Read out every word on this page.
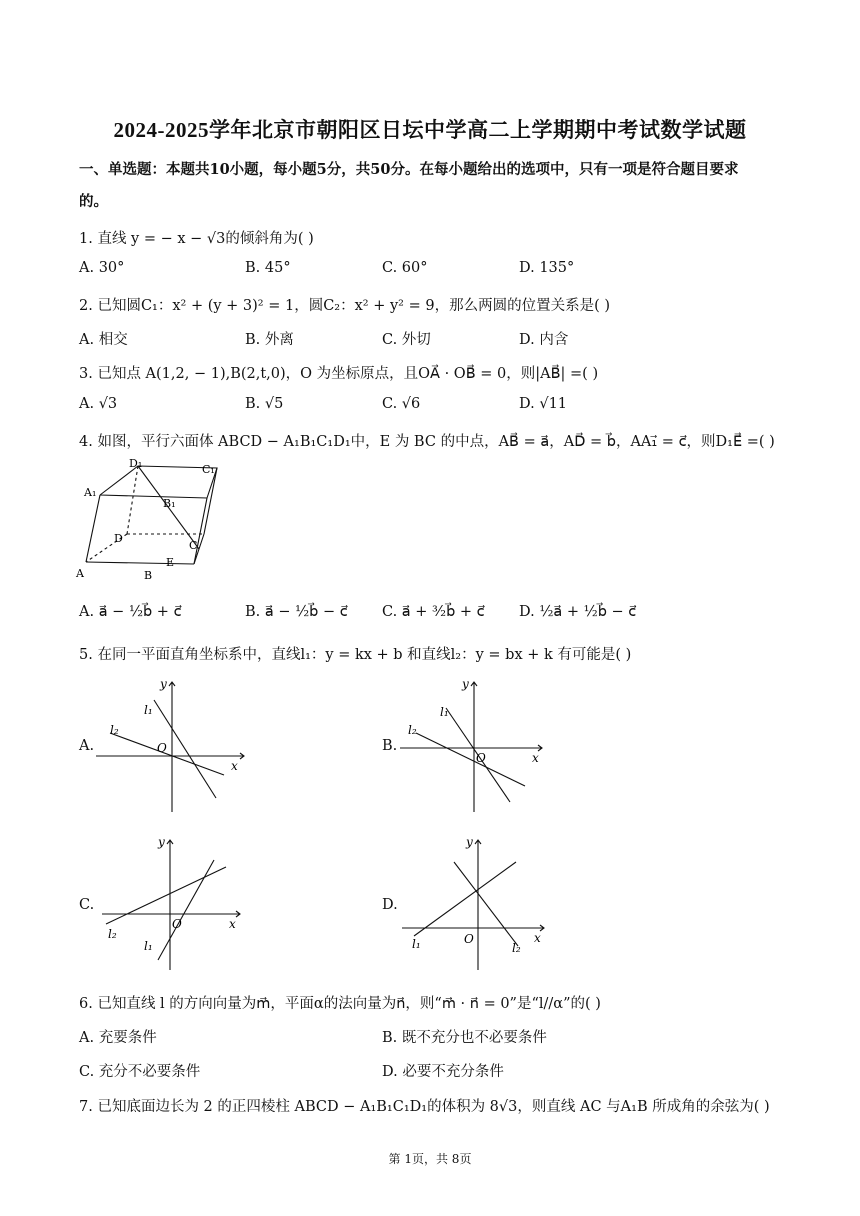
2024-2025学年北京市朝阳区日坛中学高二上学期期中考试数学试题
一、单选题：本题共10小题，每小题5分，共50分。在每小题给出的选项中，只有一项是符合题目要求
的。
1. 直线 y = − x − √3的倾斜角为( )
A. 30°	B. 45°	C. 60°	D. 135°
2. 已知圆C₁：x² + (y + 3)² = 1，圆C₂：x² + y² = 9，那么两圆的位置关系是( )
A. 相交	B. 外离	C. 外切	D. 内含
3. 已知点 A(1,2, − 1),B(2,t,0)，O 为坐标原点，且OA⃗ · OB⃗ = 0，则|AB⃗| =( )
A. √3	B. √5	C. √6	D. √11
4. 如图，平行六面体 ABCD − A₁B₁C₁D₁中，E 为 BC 的中点，AB⃗ = a⃗，AD⃗ = b⃗，AA₁⃗ = c⃗，则D₁E⃗ =( )
D₁	C₁
A₁
B₁
D
C
A	B
E
A. a⃗ − ½b⃗ + c⃗	B. a⃗ − ½b⃗ − c⃗ C. a⃗ + ³⁄₂b⃗ + c⃗ D. ½a⃗ + ½b⃗ − c⃗
5. 在同一平面直角坐标系中，直线l₁：y = kx + b 和直线l₂：y = bx + k 有可能是( )
A.
y
x
O
l₁
l₂
B.
y
x
O
l₁
l₂
C.
y
x
O
l₁
l₂
D.
y
x
O
l₁	l₂
6. 已知直线 l 的方向向量为m⃗，平面α的法向量为n⃗，则“m⃗ · n⃗ = 0”是“l//α”的( )
A. 充要条件	B. 既不充分也不必要条件
C. 充分不必要条件	D. 必要不充分条件
7. 已知底面边长为 2 的正四棱柱 ABCD − A₁B₁C₁D₁的体积为 8√3，则直线 AC 与A₁B 所成角的余弦为( )
第 1页，共 8页
